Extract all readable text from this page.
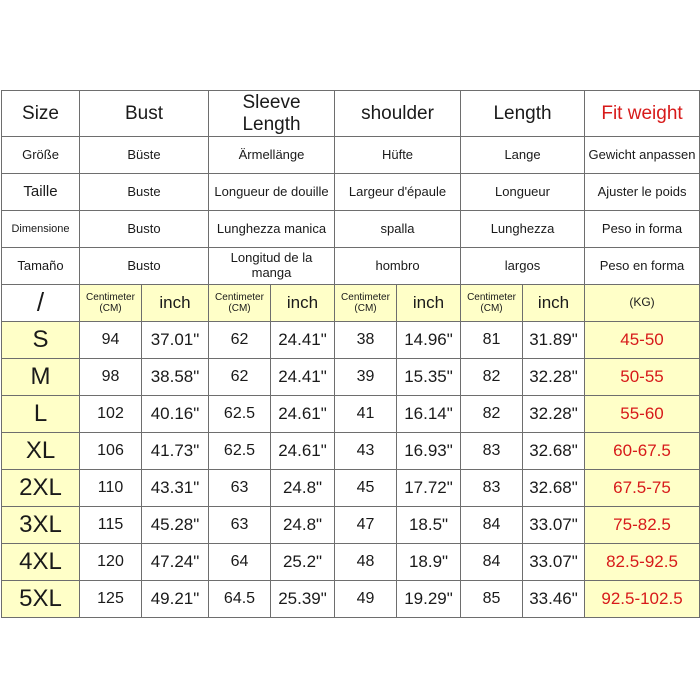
Size	Bust		Sleeve Length		shoulder		Length		Fit weight
Größe	Büste		Ärmellänge		Hüfte		Lange		Gewicht anpassen
Taille	Buste		Longueur de douille		Largeur d'épaule		Longueur		Ajuster le poids
Dimensione	Busto		Lunghezza manica		spalla		Lunghezza		Peso in forma
Tamaño	Busto		Longitud de la manga		hombro		largos		Peso en forma
/	Centimeter (CM)	inch	Centimeter (CM)	inch	Centimeter (CM)	inch	Centimeter (CM)	inch	(KG)
S	94	37.01"	62	24.41"	38	14.96"	81	31.89"	45-50
M	98	38.58"	62	24.41"	39	15.35"	82	32.28"	50-55
L	102	40.16"	62.5	24.61"	41	16.14"	82	32.28"	55-60
XL	106	41.73"	62.5	24.61"	43	16.93"	83	32.68"	60-67.5
2XL	110	43.31"	63	24.8"	45	17.72"	83	32.68"	67.5-75
3XL	115	45.28"	63	24.8"	47	18.5"	84	33.07"	75-82.5
4XL	120	47.24"	64	25.2"	48	18.9"	84	33.07"	82.5-92.5
5XL	125	49.21"	64.5	25.39"	49	19.29"	85	33.46"	92.5-102.5
